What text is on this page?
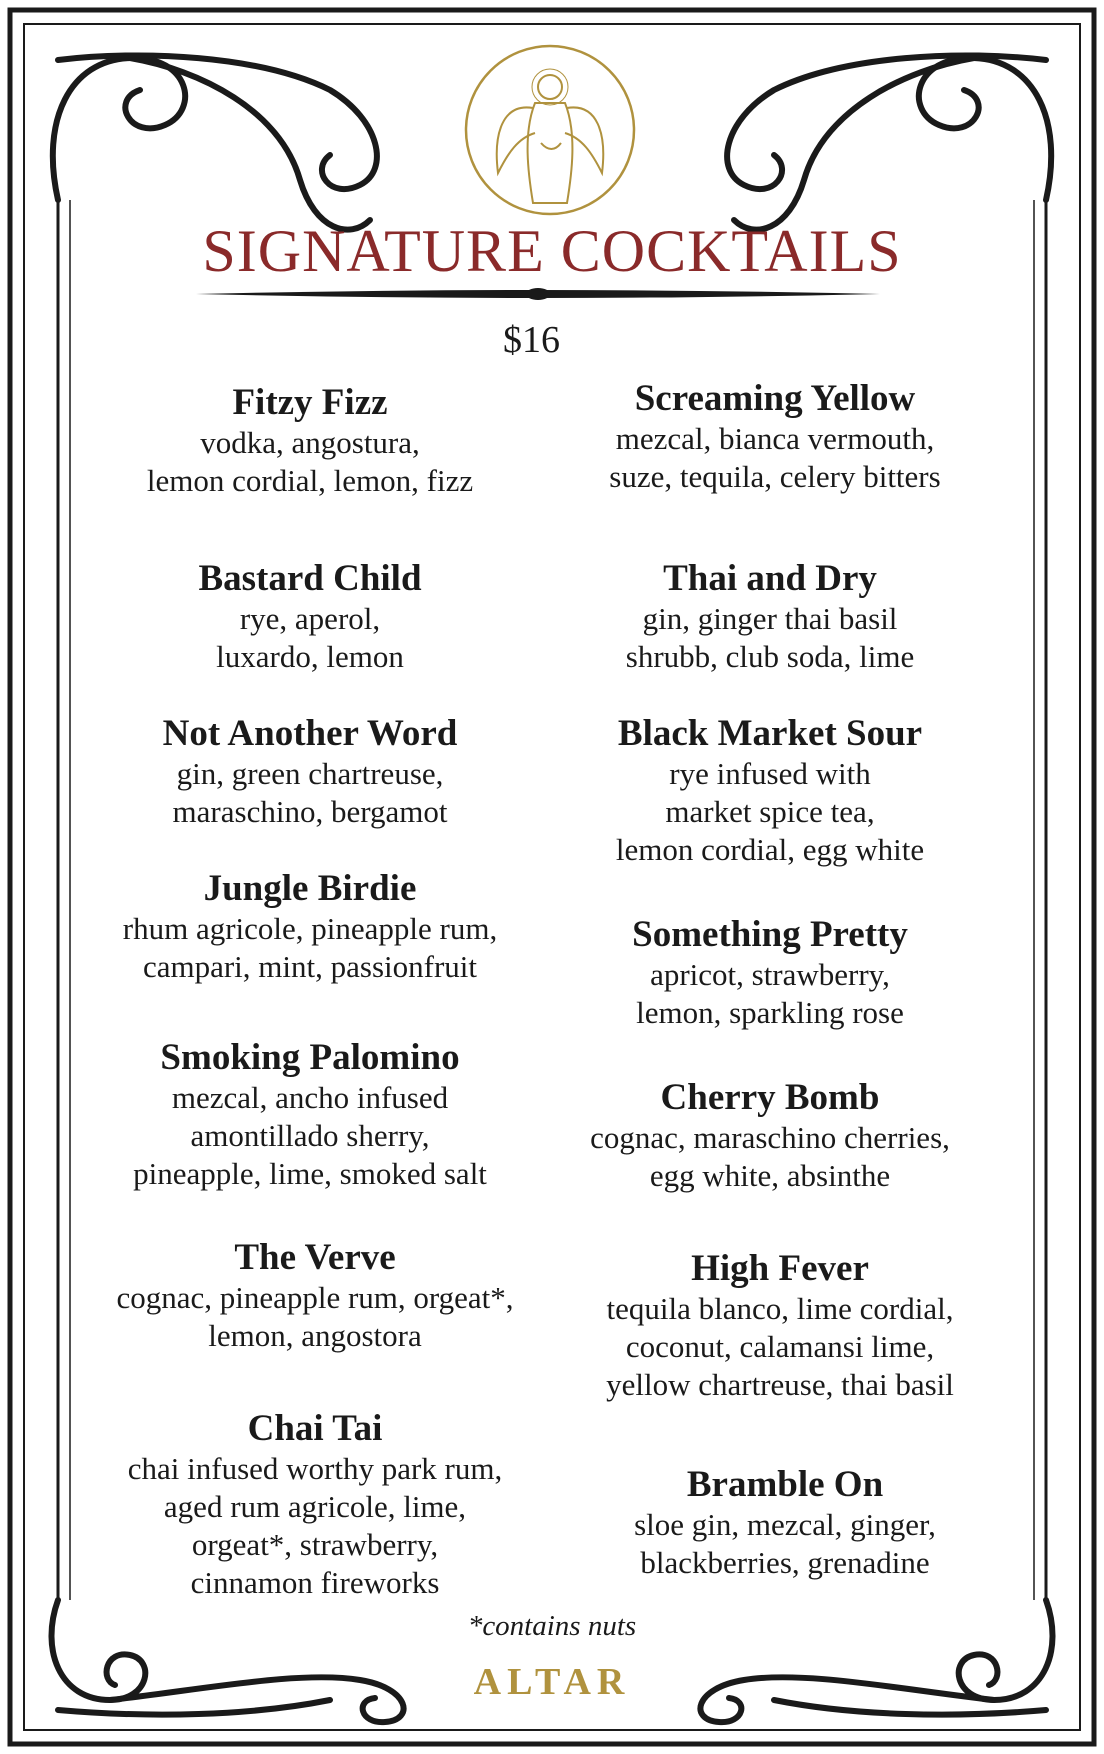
SIGNATURE COCKTAILS
$16
Fitzy Fizz
vodka, angostura,
lemon cordial, lemon, fizz
Bastard Child
rye, aperol,
luxardo, lemon
Not Another Word
gin, green chartreuse,
maraschino, bergamot
Jungle Birdie
rhum agricole, pineapple rum,
campari, mint, passionfruit
Smoking Palomino
mezcal, ancho infused
amontillado sherry,
pineapple, lime, smoked salt
The Verve
cognac, pineapple rum, orgeat*,
lemon, angostora
Chai Tai
chai infused worthy park rum,
aged rum agricole, lime,
orgeat*, strawberry,
cinnamon fireworks
Screaming Yellow
mezcal, bianca vermouth,
suze, tequila, celery bitters
Thai and Dry
gin, ginger thai basil
shrubb, club soda, lime
Black Market Sour
rye infused with
market spice tea,
lemon cordial, egg white
Something Pretty
apricot, strawberry,
lemon, sparkling rose
Cherry Bomb
cognac, maraschino cherries,
egg white, absinthe
High Fever
tequila blanco, lime cordial,
coconut, calamansi lime,
yellow chartreuse, thai basil
Bramble On
sloe gin, mezcal, ginger,
blackberries, grenadine
*contains nuts
ALTAR
